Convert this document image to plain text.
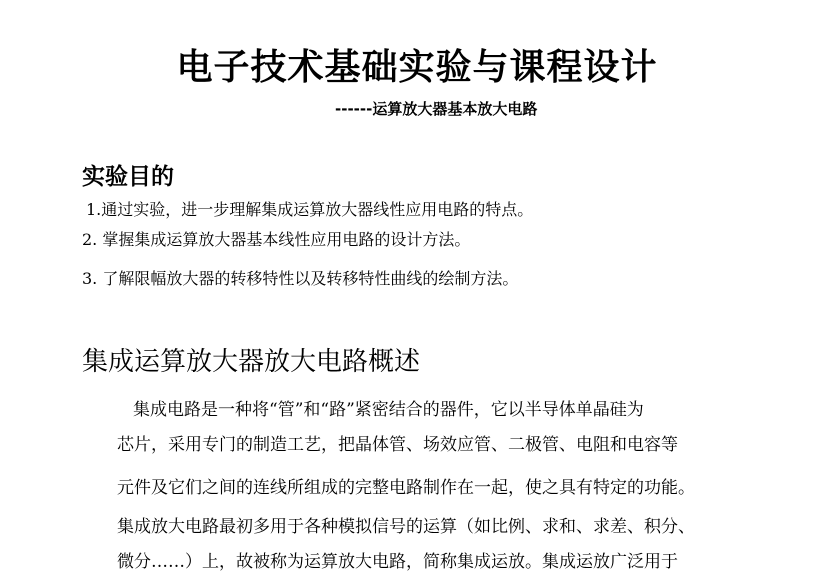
电子技术基础实验与课程设计
------运算放大器基本放大电路
实验目的
1.通过实验，进一步理解集成运算放大器线性应用电路的特点。
2. 掌握集成运算放大器基本线性应用电路的设计方法。
3. 了解限幅放大器的转移特性以及转移特性曲线的绘制方法。
集成运算放大器放大电路概述
集成电路是一种将“管”和“路”紧密结合的器件，它以半导体单晶硅为
芯片，采用专门的制造工艺，把晶体管、场效应管、二极管、电阻和电容等
元件及它们之间的连线所组成的完整电路制作在一起，使之具有特定的功能。
集成放大电路最初多用于各种模拟信号的运算（如比例、求和、求差、积分、
微分……）上，故被称为运算放大电路，简称集成运放。集成运放广泛用于
